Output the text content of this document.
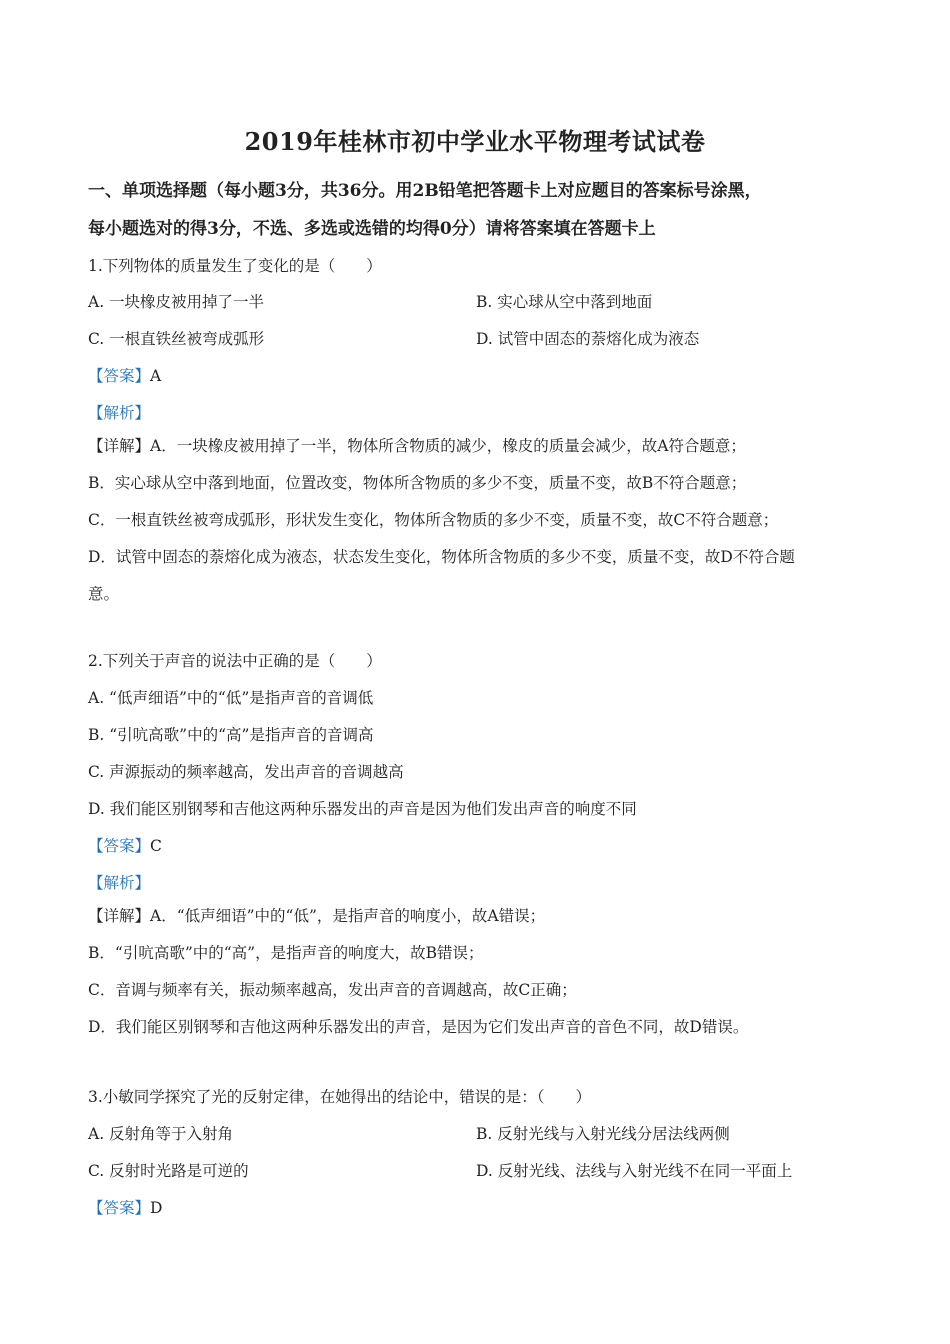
2019年桂林市初中学业水平物理考试试卷
一、单项选择题（每小题3分，共36分。用2B铅笔把答题卡上对应题目的答案标号涂黑，
每小题选对的得3分，不选、多选或选错的均得0分）请将答案填在答题卡上
1.下列物体的质量发生了变化的是（　　）
A. 一块橡皮被用掉了一半	B. 实心球从空中落到地面
C. 一根直铁丝被弯成弧形	D. 试管中固态的萘熔化成为液态
【答案】A
【解析】
【详解】A．一块橡皮被用掉了一半，物体所含物质的减少，橡皮的质量会减少，故A符合题意；
B．实心球从空中落到地面，位置改变，物体所含物质的多少不变，质量不变，故B不符合题意；
C．一根直铁丝被弯成弧形，形状发生变化，物体所含物质的多少不变，质量不变，故C不符合题意；
D．试管中固态的萘熔化成为液态，状态发生变化，物体所含物质的多少不变，质量不变，故D不符合题
意。
2.下列关于声音的说法中正确的是（　　）
A. “低声细语”中的“低”是指声音的音调低
B. “引吭高歌”中的“高”是指声音的音调高
C. 声源振动的频率越高，发出声音的音调越高
D. 我们能区别钢琴和吉他这两种乐器发出的声音是因为他们发出声音的响度不同
【答案】C
【解析】
【详解】A．“低声细语”中的“低”，是指声音的响度小，故A错误；
B．“引吭高歌”中的“高”，是指声音的响度大，故B错误；
C．音调与频率有关，振动频率越高，发出声音的音调越高，故C正确；
D．我们能区别钢琴和吉他这两种乐器发出的声音，是因为它们发出声音的音色不同，故D错误。
3.小敏同学探究了光的反射定律，在她得出的结论中，错误的是：（　　）
A. 反射角等于入射角	B. 反射光线与入射光线分居法线两侧
C. 反射时光路是可逆的	D. 反射光线、法线与入射光线不在同一平面上
【答案】D
